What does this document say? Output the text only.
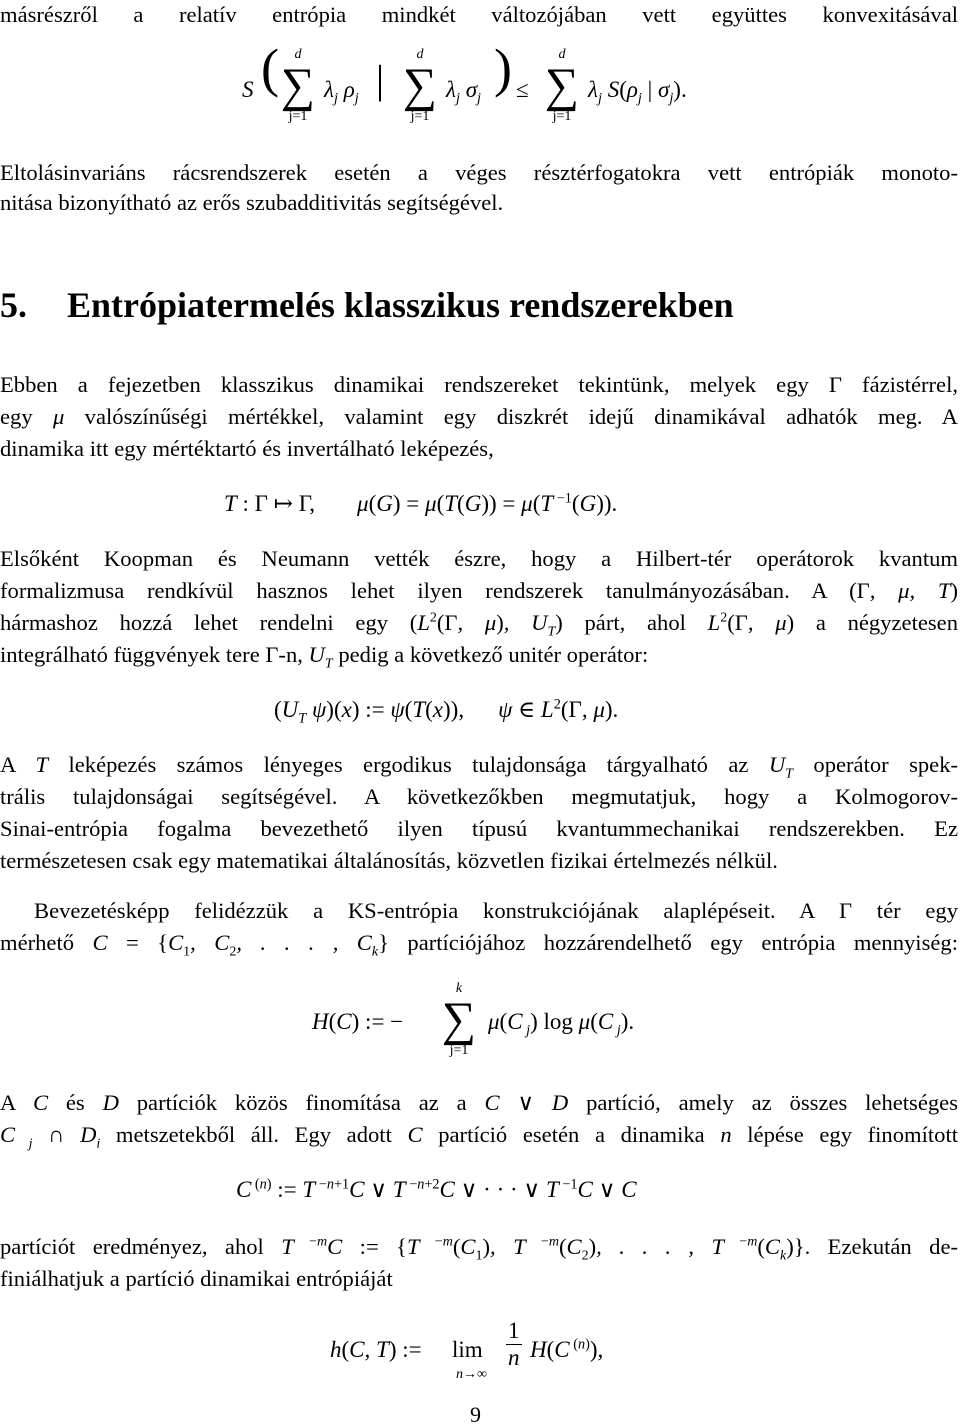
másrészről a relatív entrópia mindkét változójában vett együttes konvexitásával
S (	d
∑
j=1
$\lambda_j$ $\rho_j$ |
d
∑
j=1
$\lambda_j$ $\sigma_j$
) ≤
d
∑
j=1
$\lambda_j$ $S(\rho_j$ | $\sigma_j$).
Eltolásinvariáns rácsrendszerek esetén a véges résztérfogatokra vett entrópiák monoto-
nitása bizonyítható az erős szubadditivitás segítségével.
5. Entrópiatermelés klasszikus rendszerekben
Ebben a fejezetben klasszikus dinamikai rendszereket tekintünk, melyek egy Γ fázistérrel,
egy μ valószínűségi mértékkel, valamint egy diszkrét idejű dinamikával adhatók meg. A
dinamika itt egy mértéktartó és invertálható leképezés,
T : Γ ↦ Γ, μ(G) = μ(T(G)) = μ(T $^{-1}$(G)).
Elsőként Koopman és Neumann vették észre, hogy a Hilbert-tér operátorok kvantum
formalizmusa rendkívül hasznos lehet ilyen rendszerek tanulmányozásában. A (Γ, μ, T)
hármashoz hozzá lehet rendelni egy ($L^2(\Gamma$, μ), $U_T$) párt, ahol $L^2(\Gamma$, μ) a négyzetesen
integrálható függvények tere Γ-n, $U_T$ pedig a következő unitér operátor:
($U_T$ ψ)(x) := ψ(T(x)), ψ ∈ $L^2(\Gamma$, μ).
A T leképezés számos lényeges ergodikus tulajdonsága tárgyalható az $U_T$ operátor spek-
trális tulajdonságai segítségével. A következőkben megmutatjuk, hogy a Kolmogorov-
Sinai-entrópia fogalma bevezethető ilyen típusú kvantummechanikai rendszerekben. Ez
természetesen csak egy matematikai általánosítás, közvetlen fizikai értelmezés nélkül.
Bevezetésképp felidézzük a KS-entrópia konstrukciójának alaplépéseit. A Γ tér egy
mérhető $C = \{C_1$, $C_2$, . . . , $C_k$} partíciójához hozzárendelhető egy entrópia mennyiség:
H(C) := −
k
∑
j=1
μ(C $_j$) log μ(C $_j$).
A C és D partíciók közös finomítása az a C ∨ D partíció, amely az összes lehetséges
C $_j$ ∩ $D_i$ metszetekből áll. Egy adott C partíció esetén a dinamika n lépése egy finomított
C $^{(n)}$ := T $^{-n+1}$C ∨ T $^{-n+2}$C ∨ · · · ∨ T $^{-1}$C ∨ C
partíciót eredményez, ahol T $^{-m}$C := {T $^{-m}(C_1)$, T $^{-m}(C_2)$, . . . , T $^{-m}(C_k)$}. Ezekután de-
finiálhatjuk a partíció dinamikai entrópiáját
h(C, T) := lim
n→∞
$\frac{1}{n} H(C$ $^{(n)}$),
9
